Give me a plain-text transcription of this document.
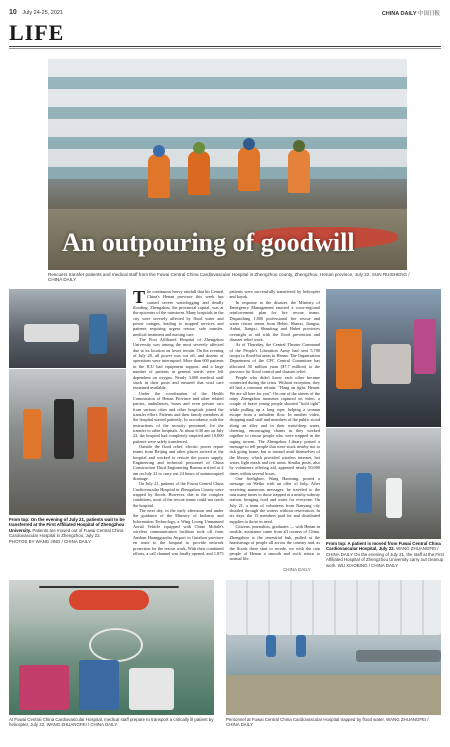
10 July 24-25, 2021	CHINA DAILY 中国日报
LIFE
An outpouring of goodwill
Rescuers transfer patients and medical staff from the Fuwai Central China Cardiovascular Hospital in Zhengzhou county, Zhengzhou, Henan province, July 22. SUN RUISHENG / CHINA DAILY
From top: On the evening of July 21, patients wait to be transferred at the First Affiliated Hospital of Zhengzhou University. Patients are moved out of Fuwai Central China Cardiovascular Hospital in Zhengzhou, July 22.
PHOTOS BY WANG JING / CHINA DAILY

The continuous heavy rainfall that hit Central China's Henan province this week has caused severe waterlogging and deadly flooding. Zhengzhou, the provincial capital, was at the epicenter of the rainstorm. Many hospitals in the city were severely affected by flood water and power outages, leading to stopped services and patients requiring urgent rescue, safe transfer, medical treatment and nursing care.

The First Affiliated Hospital of Zhengzhou University was among the most severely affected due to its location on lower terrain. On the evening of July 20, all power was cut off, and dozens of operations were interrupted. More than 600 patients in the ICU had equipment support, and a large number of patients in general wards were left dependent on oxygen. Nearly 3,000 medical staff stuck in their posts and ensured that vital care remained available.

Under the coordination of the Health Commission of Henan Province and other related parties, ambulances, buses and even private cars from various cities and other hospitals joined the transfer effort. Patients and their family members at the hospital waited patiently. In accordance with the instructions of the security personnel, for the transfer to other hospitals. At about 6:30 am on July 23, the hospital had completely emptied and 10,000 patients were safely transferred.

Outside the flood relief, electric power repair teams from Beijing and other places arrived at the hospital and worked to restore the power supply. Engineering and technical personnel of China Construction Third Engineering Bureau arrived at 4 am on July 22 to carry out 24 hours of uninterrupted drainage.

On July 21, patients of the Fuwai Central China Cardiovascular Hospital in Zhengzhou County were trapped by floods. However, due to the complex conditions, most of the rescue teams could not reach the hospital.

The next day, in the early afternoon and under the guidance of the Ministry of Industry and Information Technology, a Wing Loong Unmanned Aerial Vehicle equipped with China Mobile's wireless communication facilities took off from Anshun Huangguoshu Airport in Guizhou province en route to the hospital to provide network protection for the rescue work. With their combined efforts, a call channel was finally opened, and 1,875 patients were successfully transferred by helicopter and kayak.

In response to the disaster, the Ministry of Emergency Management enacted a cross-regional reinforcement plan for fire rescue teams. Dispatching 1,800 professional fire rescue and water rescue teams from Hebei, Shanxi, Jiangsu, Anhui, Jiangxi, Shandong and Hubei provinces overnight to aid with the flood prevention and disaster relief work.

As of Thursday, the Central Theater Command of the People's Liberation Army had sent 5,700 troops to flood-hit areas in Henan. The Organization Department of the CPC Central Committee has allocated 50 million yuan ($7.7 million) to the province for flood control and disaster relief.

People who didn't know each other became connected during the crisis. Without exception, they all had a common refrain: "Hang on tight, Henan. We are all here for you". On one of the streets of the rainy Zhengzhou moments captured on video, a couple of brave young people shouted "hold tight" while pulling up a long rope, helping a woman escape from a turbulent flow. In another video, shopping mall staff and members of the public stood along an alley and in their waist-deep water, cheering, encouraging chants as they worked together to rescue people who were trapped in the raging torrent. The Zhengzhou Library posted a message to tell people that were stuck nearby not to risk going home, but to instead avail themselves of the library, which provided wireless internet, hot water, light meals and rest areas. Similar posts, also by volunteers offering aid, appeared nearly 50,000 times within several hours.

One firefighter, Wang Haoming, posted a message on Weibo with an offer of help. After receiving numerous messages, he traveled to the rain many times to those trapped at a nearby subway station, bringing food and water for everyone. On July 21, a team of volunteers from Nanyang city shuttled through the waters without reservation. In six days, the 15 members paid for and distributed supplies to those in need.

Citizens, journalists, graduates — with Henan in trouble, assistance came from all corners of China. Zhengzhou is the terrestrial hub, pulled at the heartstrings of people all across the country and, as the floods there start to recede, we wish the rain people of Henan a smooth and swift return to normal life.

CHINA DAILY
From top: A patient is moved from Fuwai Central China Cardiovascular Hospital, July 22. WANG ZHUANGFEI / CHINA DAILY On the evening of July 21, the staff at the First Affiliated Hospital of Zhengzhou University carry out cleanup work. WU XIAOBING / CHINA DAILY
At Fuwai Central China Cardiovascular Hospital, medical staff prepare to transport a critically ill patient by helicopter, July 22. WANG ZHUANGFEI / CHINA DAILY
Personnel at Fuwai Central China Cardiovascular Hospital trapped by flood water. WANG ZHUANGFEI / CHINA DAILY
